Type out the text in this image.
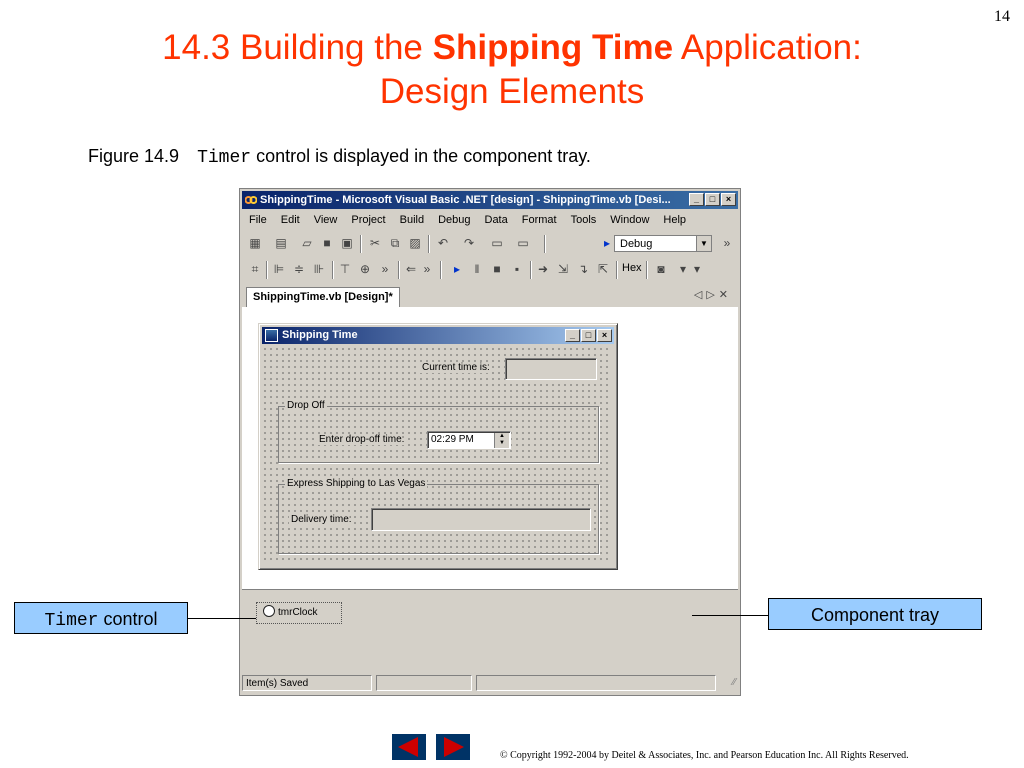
14
14.3 Building the Shipping Time Application:
Design Elements
Figure 14.9 Timer control is displayed in the component tray.
ShippingTime - Microsoft Visual Basic .NET [design] - ShippingTime.vb [Desi...	_	□	×
File	Edit	View	Project	Build	Debug	Data	Format	Tools	Window	Help
▦ ▤ ▱ ■ ▣ ✂ ⧉ ▨ ↶ ↷ ▭ ▭	▸ Debug	▼	»
⌗	⊫ ≑ ⊪ ⊤ ⊕ »	⇐ »	▸	‖	■	▪	➜ ⇲ ↴ ⇱ Hex ◙	▾ ▾
ShippingTime.vb [Design]*	◁▷✕
Shipping Time	_	□	×
Current time is:
Drop Off
Enter drop-off time:	02:29 PM	▲
▼
Express Shipping to Las Vegas
Delivery time:
tmrClock
Item(s) Saved	⁄⁄
Timer control	Component tray
© Copyright 1992-2004 by Deitel & Associates, Inc. and Pearson Education Inc. All Rights Reserved.
